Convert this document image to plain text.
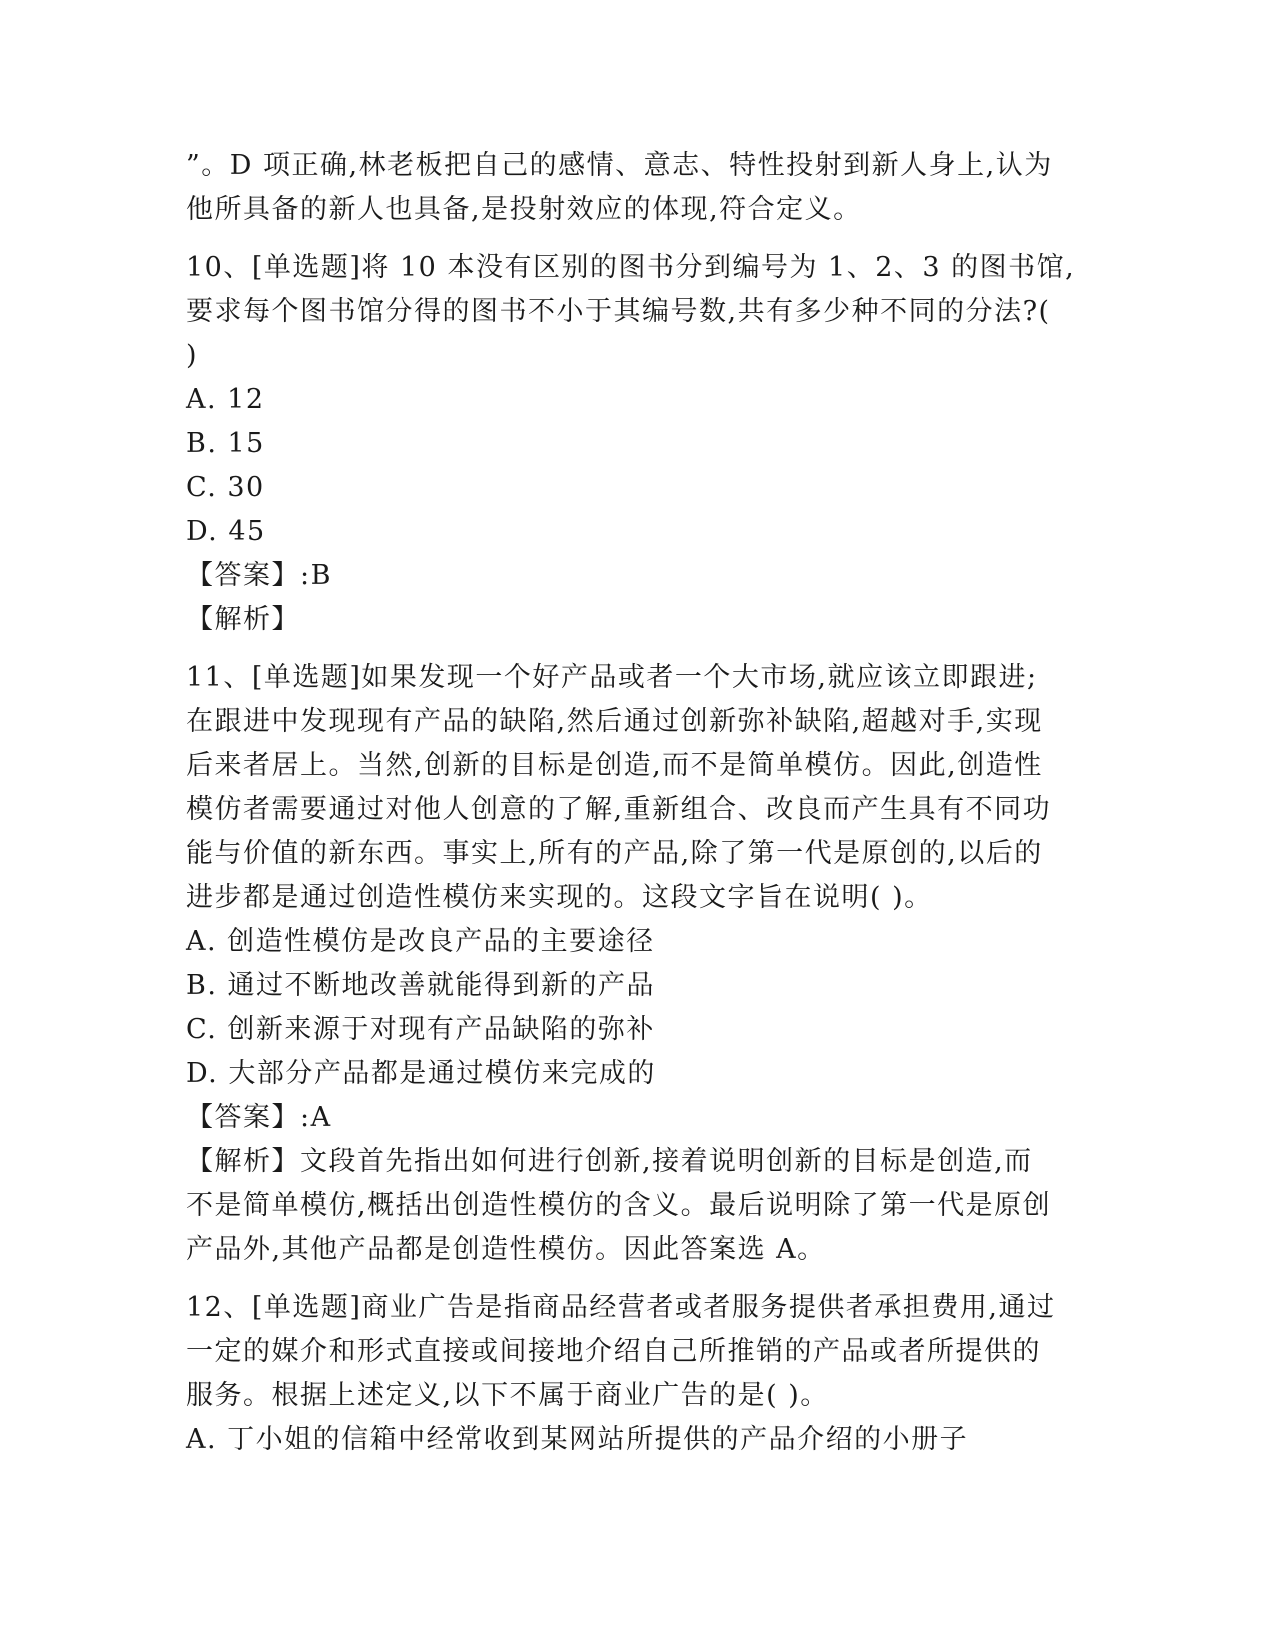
”。D 项正确,林老板把自己的感情、意志、特性投射到新人身上,认为
他所具备的新人也具备,是投射效应的体现,符合定义。
10、[单选题]将 10 本没有区别的图书分到编号为 1、2、3 的图书馆,
要求每个图书馆分得的图书不小于其编号数,共有多少种不同的分法?(
)
A. 12
B. 15
C. 30
D. 45
【答案】:B
【解析】
11、[单选题]如果发现一个好产品或者一个大市场,就应该立即跟进;
在跟进中发现现有产品的缺陷,然后通过创新弥补缺陷,超越对手,实现
后来者居上。当然,创新的目标是创造,而不是简单模仿。因此,创造性
模仿者需要通过对他人创意的了解,重新组合、改良而产生具有不同功
能与价值的新东西。事实上,所有的产品,除了第一代是原创的,以后的
进步都是通过创造性模仿来实现的。这段文字旨在说明( )。
A. 创造性模仿是改良产品的主要途径
B. 通过不断地改善就能得到新的产品
C. 创新来源于对现有产品缺陷的弥补
D. 大部分产品都是通过模仿来完成的
【答案】:A
【解析】文段首先指出如何进行创新,接着说明创新的目标是创造,而
不是简单模仿,概括出创造性模仿的含义。最后说明除了第一代是原创
产品外,其他产品都是创造性模仿。因此答案选 A。
12、[单选题]商业广告是指商品经营者或者服务提供者承担费用,通过
一定的媒介和形式直接或间接地介绍自己所推销的产品或者所提供的
服务。根据上述定义,以下不属于商业广告的是( )。
A. 丁小姐的信箱中经常收到某网站所提供的产品介绍的小册子
